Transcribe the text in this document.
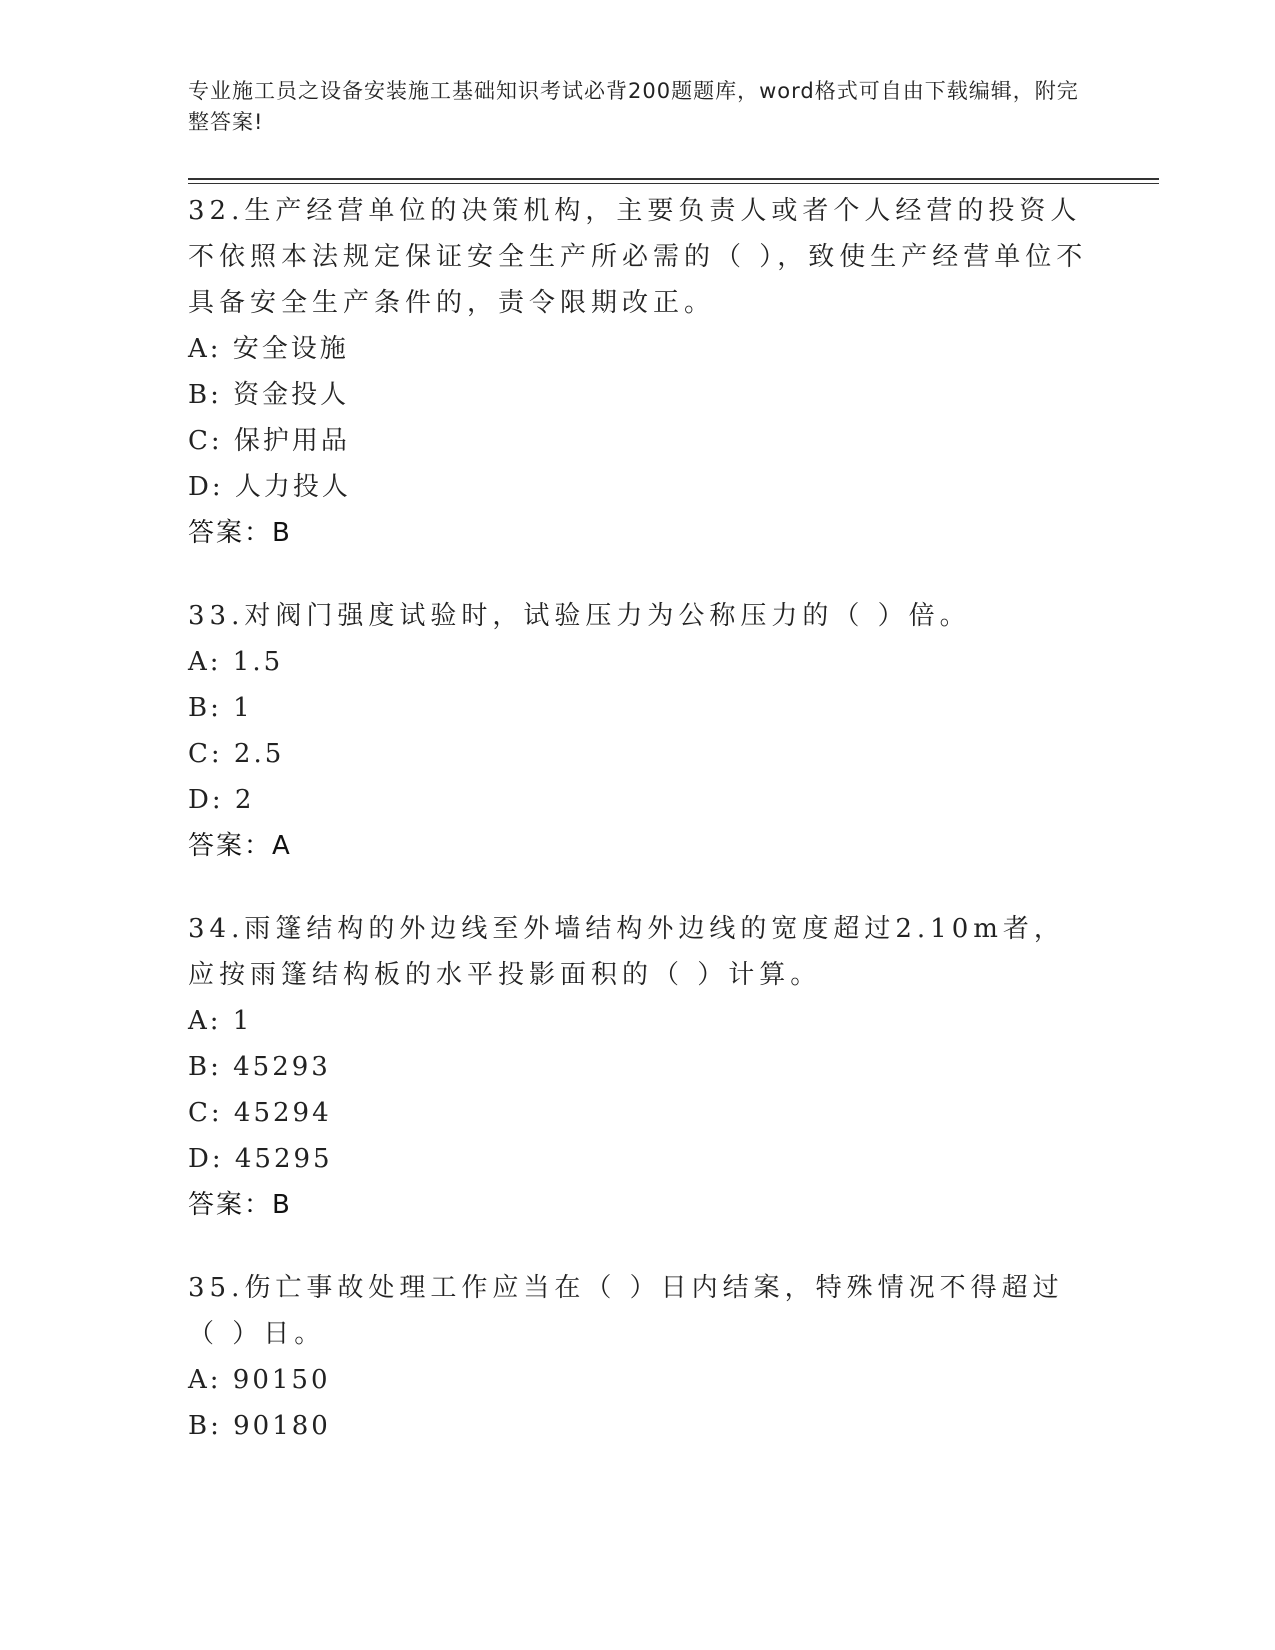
专业施工员之设备安装施工基础知识考试必背200题题库，word格式可自由下载编辑，附完整答案!

32.生产经营单位的决策机构，主要负责人或者个人经营的投资人不依照本法规定保证安全生产所必需的（ ），致使生产经营单位不具备安全生产条件的，责令限期改正。

A: 安全设施
B: 资金投人
C: 保护用品
D: 人力投人
答案：B

33.对阀门强度试验时，试验压力为公称压力的（ ）倍。

A: 1.5
B: 1
C: 2.5
D: 2
答案：A

34.雨篷结构的外边线至外墙结构外边线的宽度超过2.10m者，应按雨篷结构板的水平投影面积的（ ）计算。

A: 1
B: 45293
C: 45294
D: 45295
答案：B

35.伤亡事故处理工作应当在（ ）日内结案，特殊情况不得超过（ ）日。

A: 90150
B: 90180
